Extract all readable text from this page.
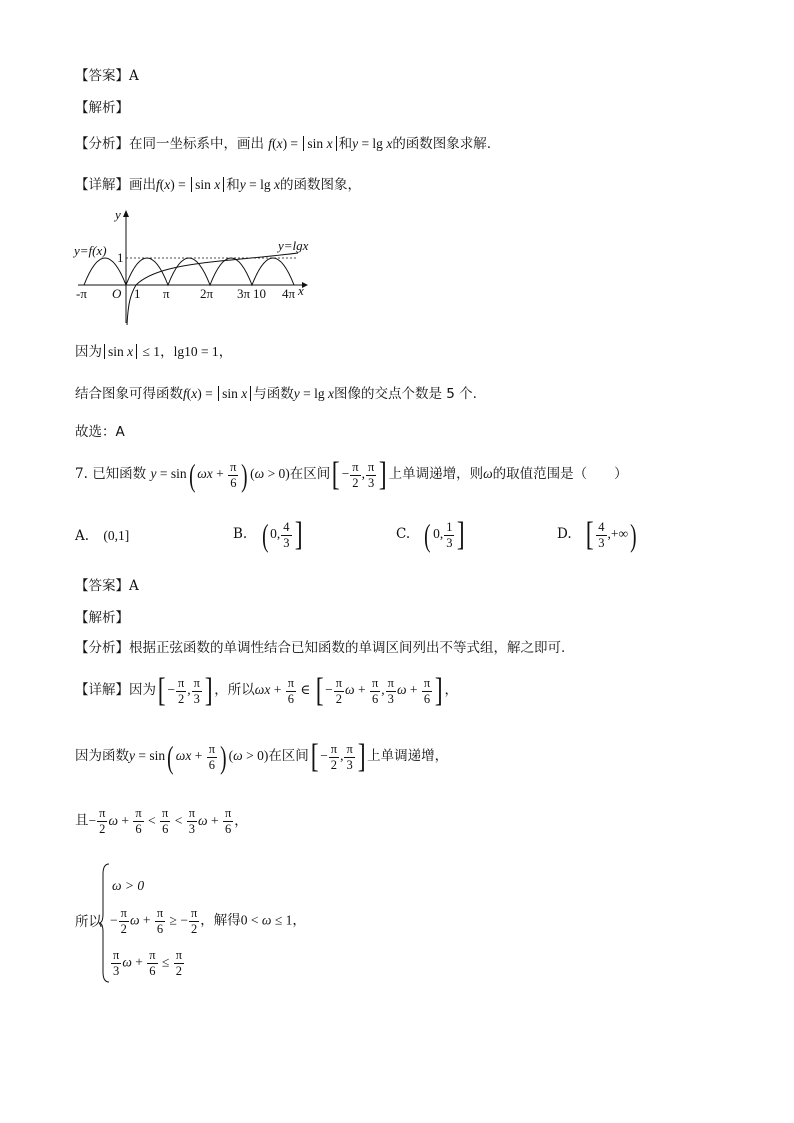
【答案】A
【解析】
【分析】在同一坐标系中，画出 f(x) = sin x 和y = lg x的函数图象求解.
【详解】画出f(x) = sin x 和y = lg x的函数图象，
y
x
y=f(x)	y=lgx
1
O
-π	1 π 2π 3π 10 4π
因为 sin x ≤ 1，lg10 = 1，
结合图象可得函数f(x) = sin x 与函数y = lg x图像的交点个数是 5 个.
故选：A
7. 已知函数 y = sin( $\omega x + \frac{\pi}{6}$ ) (ω > 0)在区间[ − $\frac{\pi}{2}$ , $\frac{\pi}{3}$ ] 上单调递增，则ω的取值范围是（　　）
A. (0,1]	B. ( 0, $\frac{4}{3}$ ]	C. ( 0, $\frac{1}{3}$ ]	D. [ $\frac{4}{3}$ ,+∞)
【答案】A
【解析】
【分析】根据正弦函数的单调性结合已知函数的单调区间列出不等式组，解之即可.
【详解】因为[ − $\frac{\pi}{2}$ , $\frac{\pi}{3}$ ] ，所以$\omega x + \frac{\pi}{6}$ ∈ [ − $\frac{\pi}{2}$ $\omega + \frac{\pi}{6}$ , $\frac{\pi}{3}$ $\omega + \frac{\pi}{6}$ ] ，
因为函数y = sin( $\omega x + \frac{\pi}{6}$ ) (ω > 0)在区间[ − $\frac{\pi}{2}$ , $\frac{\pi}{3}$ ] 上单调递增，
且− $\frac{\pi}{2}$ $\omega + \frac{\pi}{6} < \frac{\pi}{6} < \frac{\pi}{3}$ $\omega + \frac{\pi}{6}$ ，
所以
ω > 0
− $\frac{\pi}{2}$ $\omega + \frac{\pi}{6}$ ≥ − $\frac{\pi}{2}$ ，解得0 < ω ≤ 1，
$\frac{\pi}{3}$ $\omega + \frac{\pi}{6} \le \frac{\pi}{2}$
